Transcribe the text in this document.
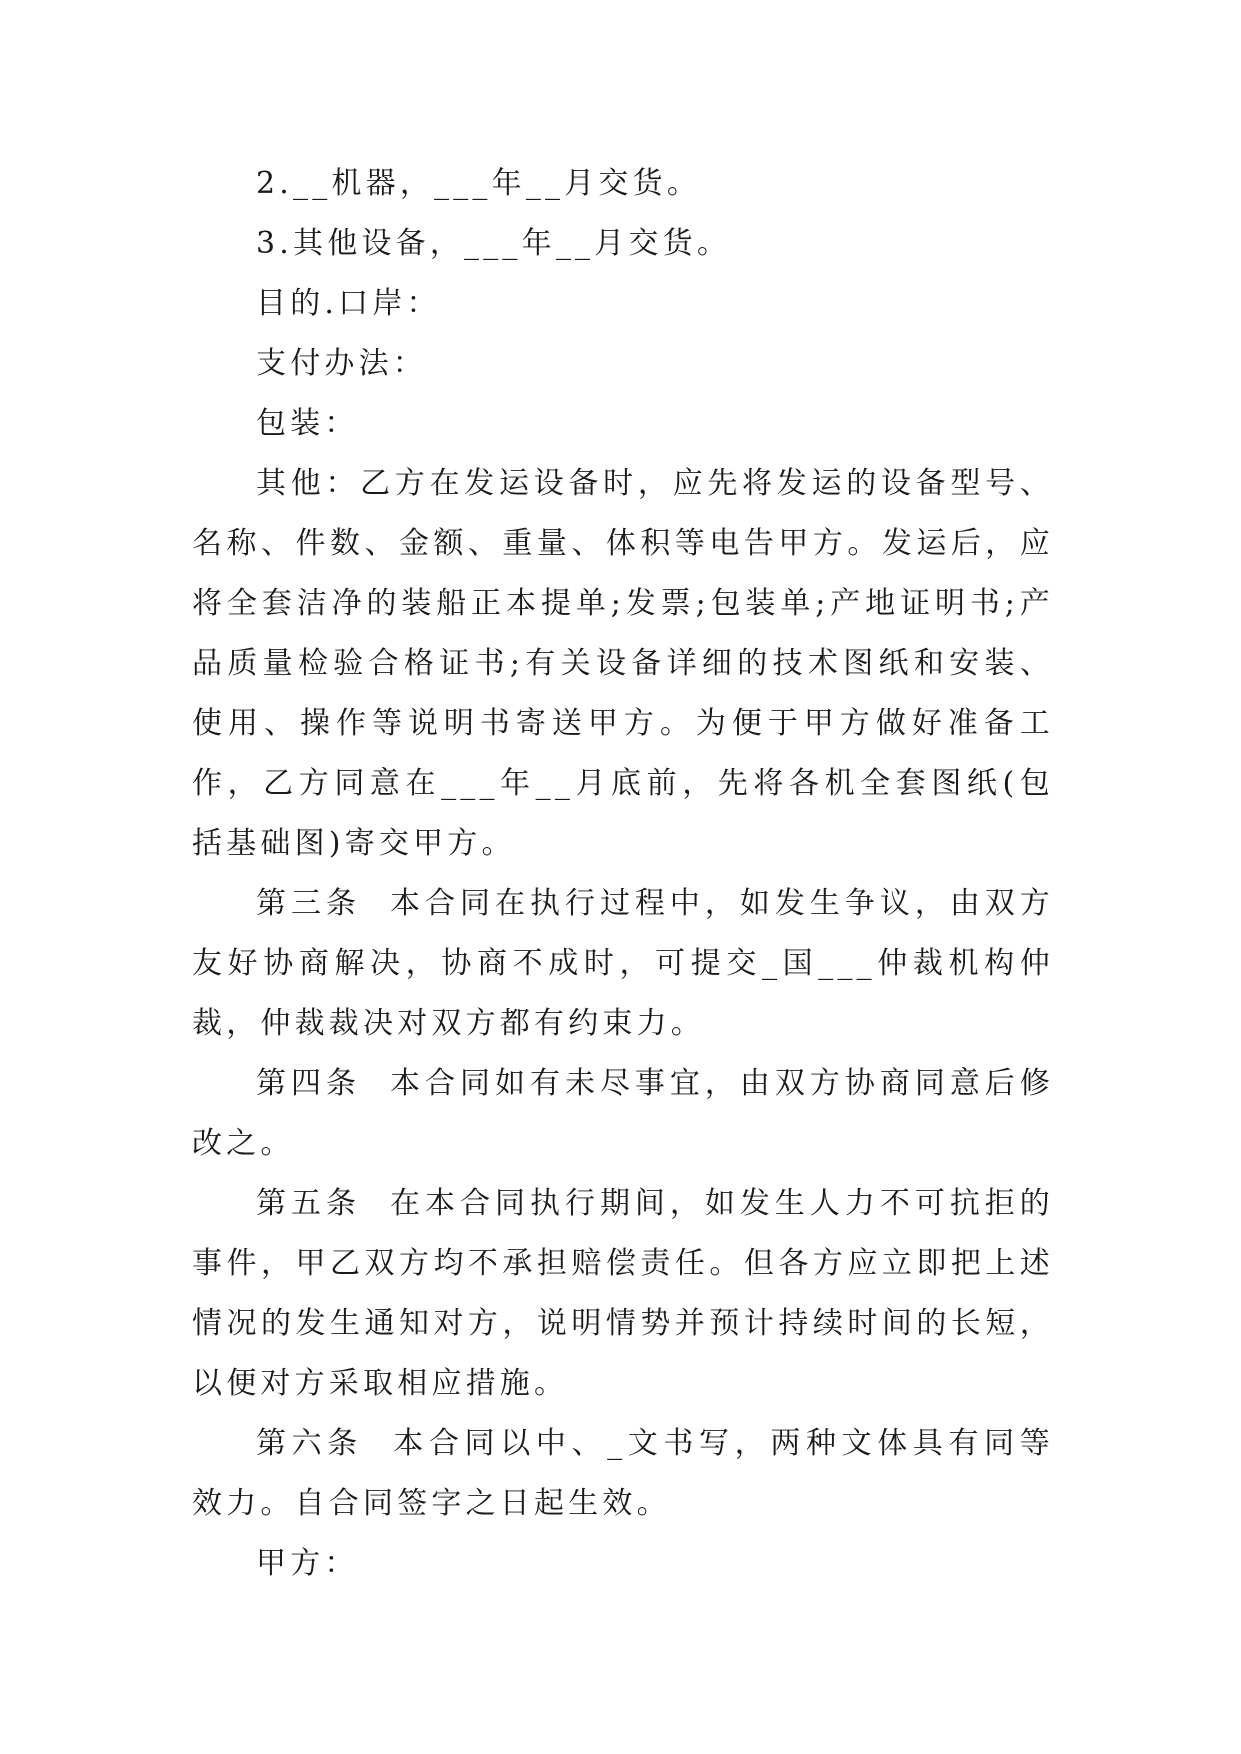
2.__机器，___年__月交货。

3.其他设备，___年__月交货。

目的.口岸：

支付办法：

包装：

其他：乙方在发运设备时，应先将发运的设备型号、名称、件数、金额、重量、体积等电告甲方。发运后，应将全套洁净的装船正本提单;发票;包装单;产地证明书;产品质量检验合格证书;有关设备详细的技术图纸和安装、使用、操作等说明书寄送甲方。为便于甲方做好准备工作，乙方同意在___年__月底前，先将各机全套图纸(包括基础图)寄交甲方。

第三条  本合同在执行过程中，如发生争议，由双方友好协商解决，协商不成时，可提交_国___仲裁机构仲裁，仲裁裁决对双方都有约束力。

第四条  本合同如有未尽事宜，由双方协商同意后修改之。

第五条  在本合同执行期间，如发生人力不可抗拒的事件，甲乙双方均不承担赔偿责任。但各方应立即把上述情况的发生通知对方，说明情势并预计持续时间的长短，以便对方采取相应措施。

第六条  本合同以中、_文书写，两种文体具有同等效力。自合同签字之日起生效。

甲方：
